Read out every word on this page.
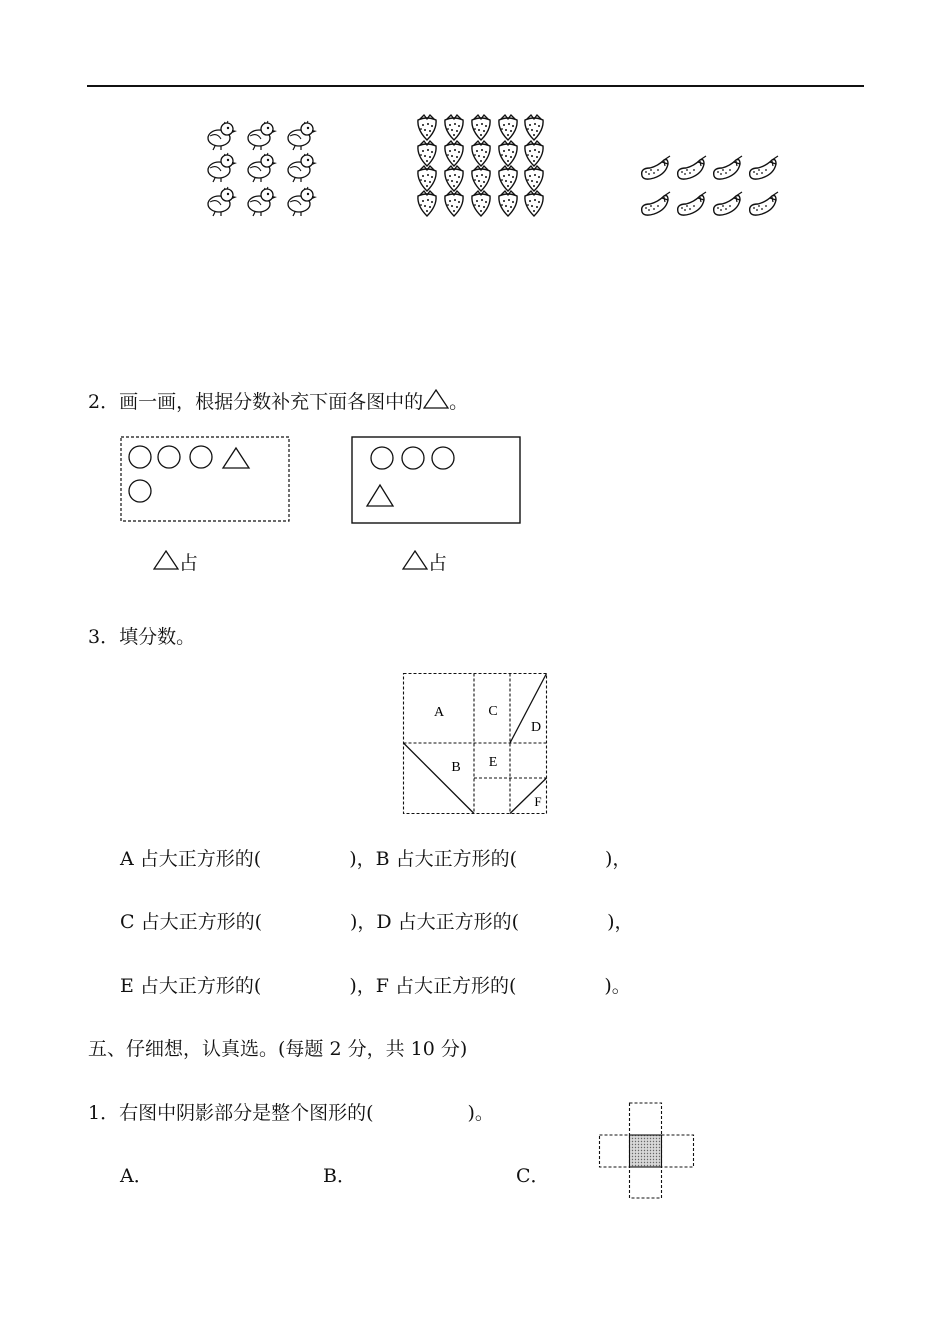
2．画一画，根据分数补充下面各图中的 。
占	占
3．填分数。
A
B
C
D
E
F
A 占大正方形的(	)，B 占大正方形的(	)，
C 占大正方形的(	)，D 占大正方形的(	)，
E 占大正方形的(	)，F 占大正方形的(	)。
五、仔细想，认真选。(每题 2 分，共 10 分)
1．右图中阴影部分是整个图形的(	)。
A．	B．	C．
